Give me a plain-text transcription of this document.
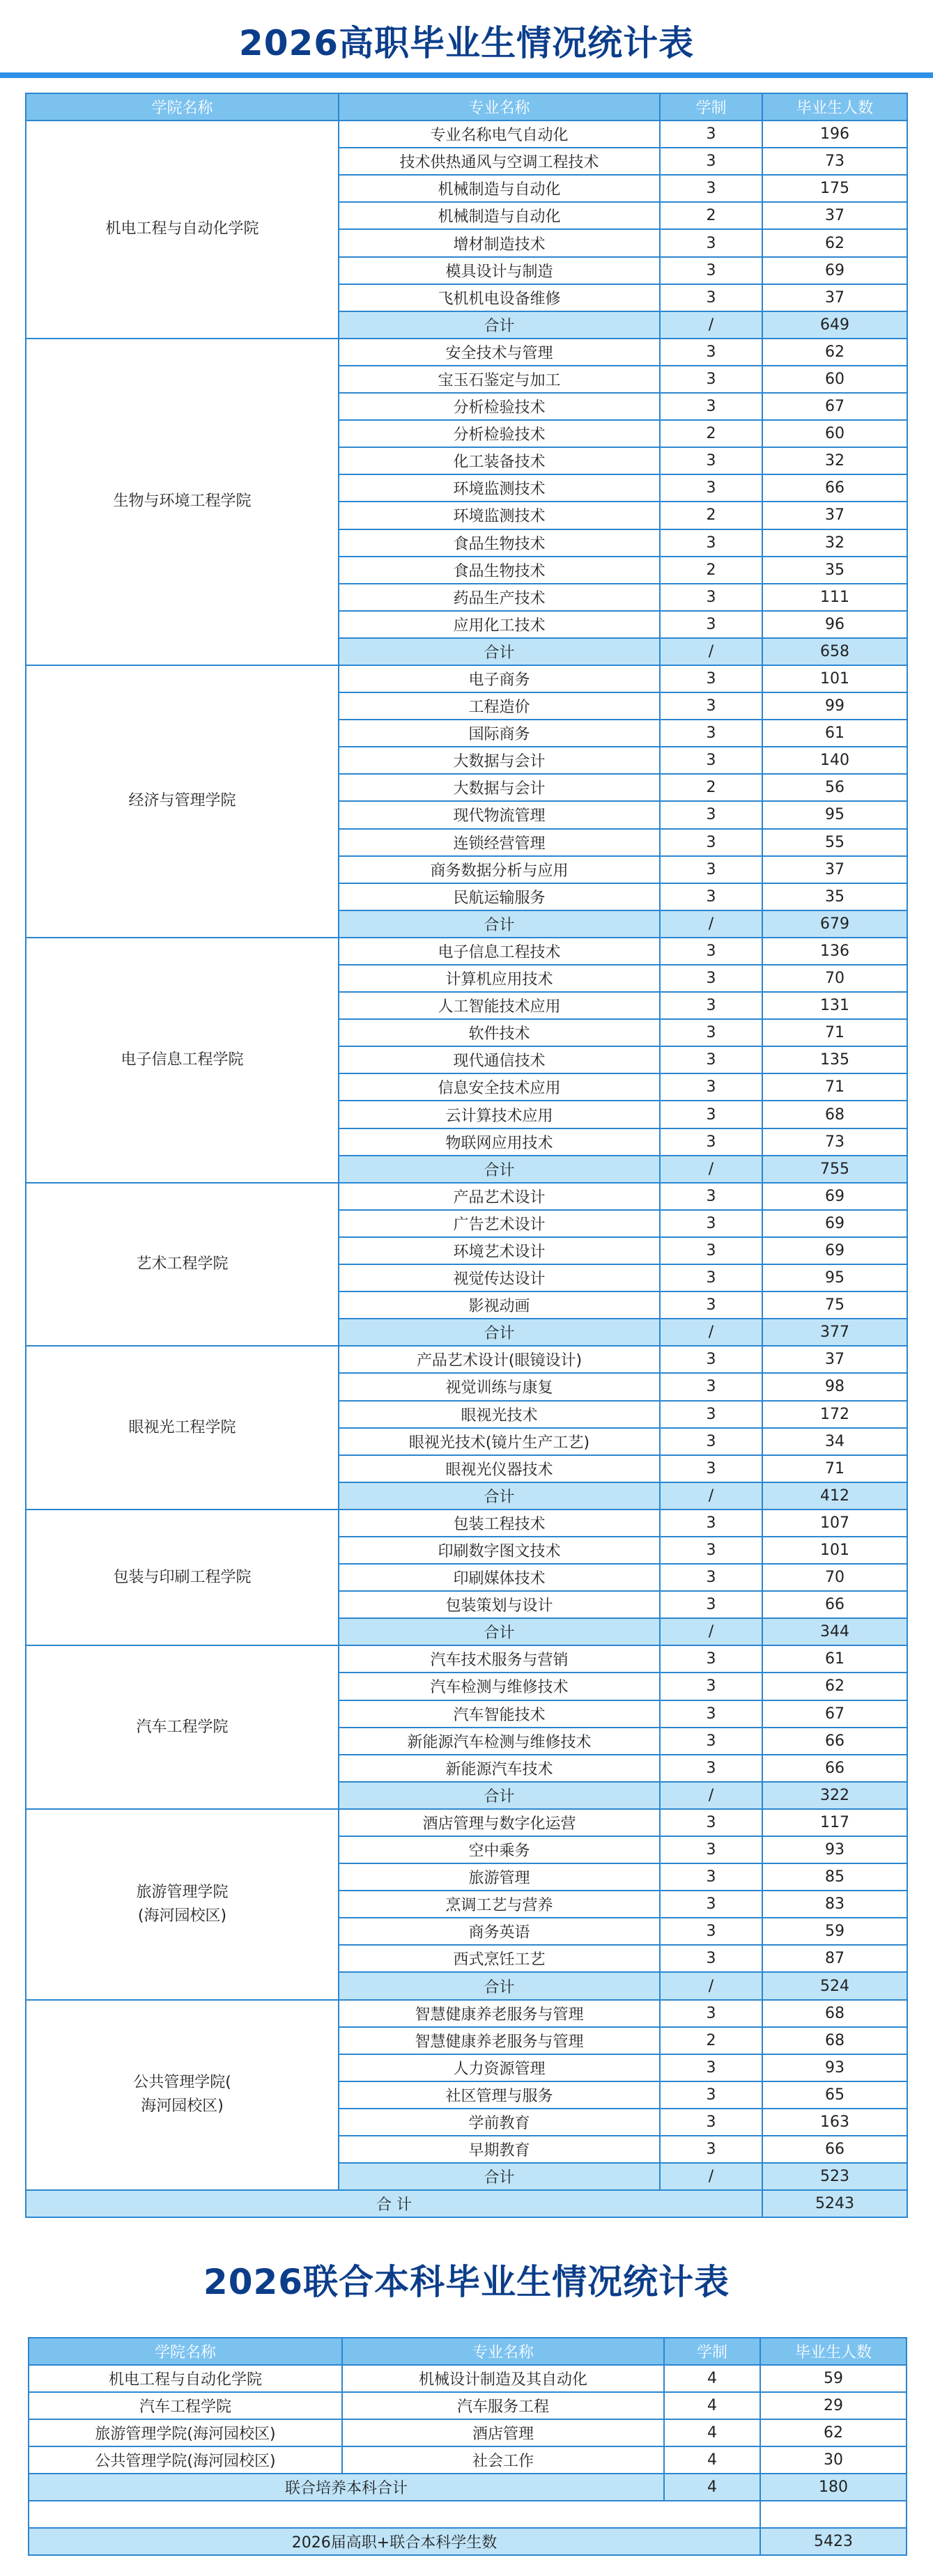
2026高职毕业生情况统计表
学院名称	专业名称	学制	毕业生人数
机电工程与自动化学院	专业名称电气自动化	3	196
	技术供热通风与空调工程技术	3	73
	机械制造与自动化	3	175
	机械制造与自动化	2	37
	增材制造技术	3	62
	模具设计与制造	3	69
	飞机机电设备维修	3	37
	合计	/	649
生物与环境工程学院	安全技术与管理	3	62
	宝玉石鉴定与加工	3	60
	分析检验技术	3	67
	分析检验技术	2	60
	化工装备技术	3	32
	环境监测技术	3	66
	环境监测技术	2	37
	食品生物技术	3	32
	食品生物技术	2	35
	药品生产技术	3	111
	应用化工技术	3	96
	合计	/	658
经济与管理学院	电子商务	3	101
	工程造价	3	99
	国际商务	3	61
	大数据与会计	3	140
	大数据与会计	2	56
	现代物流管理	3	95
	连锁经营管理	3	55
	商务数据分析与应用	3	37
	民航运输服务	3	35
	合计	/	679
电子信息工程学院	电子信息工程技术	3	136
	计算机应用技术	3	70
	人工智能技术应用	3	131
	软件技术	3	71
	现代通信技术	3	135
	信息安全技术应用	3	71
	云计算技术应用	3	68
	物联网应用技术	3	73
	合计	/	755
艺术工程学院	产品艺术设计	3	69
	广告艺术设计	3	69
	环境艺术设计	3	69
	视觉传达设计	3	95
	影视动画	3	75
	合计	/	377
眼视光工程学院	产品艺术设计(眼镜设计)	3	37
	视觉训练与康复	3	98
	眼视光技术	3	172
	眼视光技术(镜片生产工艺)	3	34
	眼视光仪器技术	3	71
	合计	/	412
包装与印刷工程学院	包装工程技术	3	107
	印刷数字图文技术	3	101
	印刷媒体技术	3	70
	包装策划与设计	3	66
	合计	/	344
汽车工程学院	汽车技术服务与营销	3	61
	汽车检测与维修技术	3	62
	汽车智能技术	3	67
	新能源汽车检测与维修技术	3	66
	新能源汽车技术	3	66
	合计	/	322
旅游管理学院
(海河园校区)	酒店管理与数字化运营	3	117
	空中乘务	3	93
	旅游管理	3	85
	烹调工艺与营养	3	83
	商务英语	3	59
	西式烹饪工艺	3	87
	合计	/	524
公共管理学院(
海河园校区)	智慧健康养老服务与管理	3	68
	智慧健康养老服务与管理	2	68
	人力资源管理	3	93
	社区管理与服务	3	65
	学前教育	3	163
	早期教育	3	66
	合计	/	523
合 计			5243
2026联合本科毕业生情况统计表
学院名称	专业名称	学制	毕业生人数
机电工程与自动化学院	机械设计制造及其自动化	4	59
汽车工程学院	汽车服务工程	4	29
旅游管理学院(海河园校区)	酒店管理	4	62
公共管理学院(海河园校区)	社会工作	4	30
联合培养本科合计		4	180

2026届高职+联合本科学生数			5423
